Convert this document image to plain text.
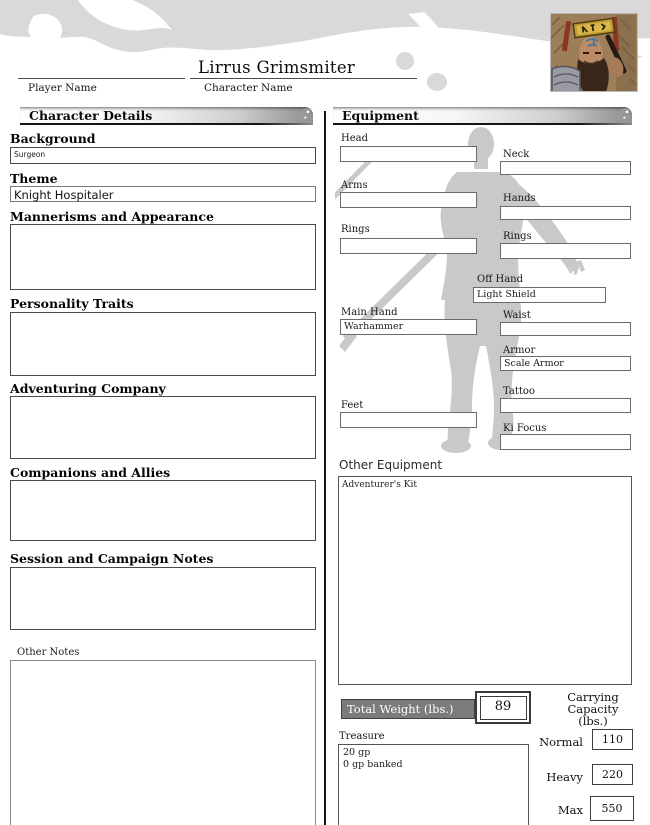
Player Name
Lirrus Grimsmiter
Character Name
Character Details
Background
Surgeon
Theme
Knight Hospitaler
Mannerisms and Appearance
Personality Traits
Adventuring Company
Companions and Allies
Session and Campaign Notes
Other Notes
Equipment
Head
Neck
Arms
Hands
Rings
Rings
Off Hand
Light Shield
Main Hand
Warhammer
Waist
Armor
Scale Armor
Tattoo
Feet
Ki Focus
Other Equipment
Adventurer's Kit
Total Weight (lbs.)	89
Carrying Capacity
(lbs.)
Normal	110
Heavy	220
Max	550
Treasure
20 gp
0 gp banked
